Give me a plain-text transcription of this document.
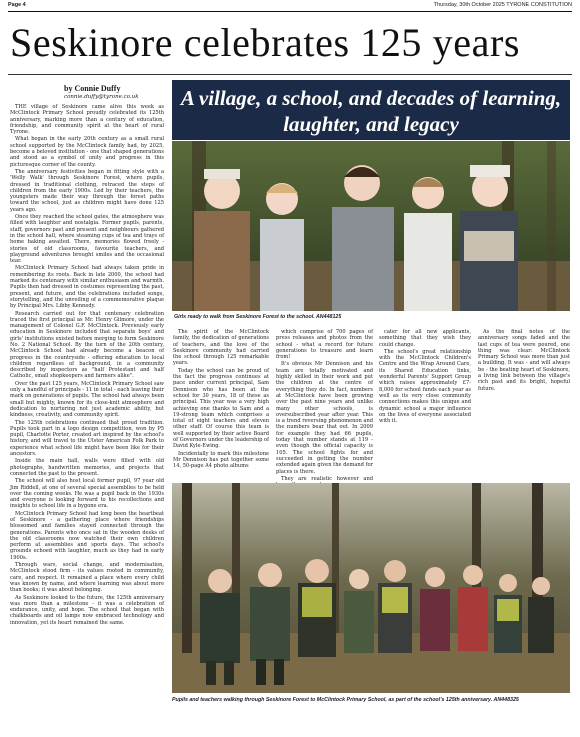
Page 4	Thursday, 30th October 2025 TYRONE CONSTITUTION
Seskinore celebrates 125 years
by Connie Duffy
connie.duffy@tyrone.co.uk	A village, a school, and decades of learning, laughter, and legacy

THE village of Seskinore came alive this week as McClintock Primary School proudly celebrated its 125th anniversary, marking more than a century of education, friendship, and community spirit at the heart of rural Tyrone.

What began in the early 20th century as a small rural school supported by the McClintock family had, by 2025, become a beloved institution - one that shaped generations and stood as a symbol of unity and progress in this picturesque corner of the county.

The anniversary festivities began in fitting style with a 'Welly Walk' through Seskinore Forest, where pupils, dressed in traditional clothing, retraced the steps of children from the early 1900s. Led by their teachers, the youngsters made their way through the forest paths toward the school, just as children might have done 125 years ago.

Once they reached the school gates, the atmosphere was filled with laughter and nostalgia. Former pupils, parents, staff, governors past and present and neighbours gathered in the school hall, where steaming cups of tea and trays of home baking awaited. There, memories flowed freely - stories of old classrooms, favourite teachers, and playground adventures brought smiles and the occasional tear.

McClintock Primary School had always taken pride in remembering its roots. Back in late 2000, the school had marked its centenary with similar enthusiasm and warmth. Pupils then had dressed in costumes representing the past, present, and future, and the celebrations included songs, storytelling, and the unveiling of a commemorative plaque by Principal Mrs. Libby Kennedy.

Research carried out for that centenary celebration traced the first principal as Mr. Henry Gilmore, under the management of Colonel G.F. McClintock. Previously early education in Seskinore included that separate boys' and girls' institutions existed before merging to form Seskinore No. 2 National School. By the turn of the 20th century, McClintock School had already become a beacon of progress in the countryside - offering education to local children regardless of background, in a community described by inspectors as "half Protestant and half Catholic, small shopkeepers and farmers alike".

Over the past 125 years, McClintock Primary School saw only a handful of principals - 11 in total - each leaving their mark on generations of pupils. The school had always been small but mighty, known for its close-knit atmosphere and dedication to nurturing not just academic ability, but kindness, creativity, and community spirit.

The 125th celebrations continued that proud tradition. Pupils took part in a logo design competition, won by P5 pupil, Charlotte Porter, created art inspired by the school's history, and will travel to the Ulster American Folk Park to experience what school life might have been like for their ancestors.

Inside the main hall, walls were filled with old photographs, handwritten memories, and projects that connected the past to the present.

The school will also host local former pupil, 97 year old Jim Riddell, at one of several special assemblies to be held over the coming weeks. He was a pupil back in the 1930s and everyone is looking forward to his recollections and insights to school life in a bygone era.

McClintock Primary School had long been the heartbeat of Seskinore - a gathering place where friendships blossomed and families stayed connected through the generations. Parents who once sat in the wooden desks of the old classrooms now watched their own children perform at assemblies and sports days. The school's grounds echoed with laughter, much as they had in early 1900s.

Through wars, social change, and modernisation, McClintock stood firm - its values rooted in community, care, and respect. It remained a place where every child was known by name, and where learning was about more than books; it was about belonging.

As Seskinore looked to the future, the 125th anniversary was more than a milestone - it was a celebration of endurance, unity, and hope. The school that began with chalkboards and oil lamps now embraced technology and innovation, yet its heart remained the same.

Girls ready to walk from Seskinore Forest to the school. AN448125

The spirit of the McClintock family, the dedication of generations of teachers, and the love of the Seskinore community had carried the school through 125 remarkable years.

Today the school can be proud of the fact the progress continues at pace under current principal, Sam Dennison who has been at the school for 30 years, 18 of these as principal. This year was a very high achieving one thanks to Sam and a 19-strong team which comprises a total of eight teachers and eleven other staff. Of course this team is well supported by their active Board of Governors under the leadership of David Kyle-Ewing.

Incidentally to mark this milestone Mr Dennison has put together some 14, 50-page A4 photo albums

which comprise of 700 pages of press releases and photos from the school - what a record for future generations to treasure and learn from!

It's obvious Mr Dennison and his team are totally motivated and highly skilled in their work and put the children at the centre of everything they do. In fact, numbers at McClintock have been growing over the past nine years and unlike many other schools, is oversubscribed year after year. This is a trend reversing phenomenon and the numbers bear that out. In 2009 for example they had 66 pupils, today that number stands at 119 - even though the official capacity is 105. The school fights for and succeeded in getting the number extended again given the demand for places is there.

They are realistic however and

cater for all new applicants, something that they wish they could change.

The school's great relationship with the McClintock Children's Centre and the Wrap Around Care, its Shared Education links, wonderful Parents' Support Group which raises approximately £7-8,000 for school funds each year as well as its very close community connections makes this unique and dynamic school a major influence on the lives of everyone associated with it.

As the final notes of the anniversary songs faded and the last cups of tea were poured, one thing was clear: McClintock Primary School was more than just a building. It was - and will always be - the beating heart of Seskinore, a living link between the village's rich past and its bright, hopeful future.

Pupils and teachers walking through Seskinore Forest to McClintock Primary School, as part of the school’s 125th anniversary. AN448325
